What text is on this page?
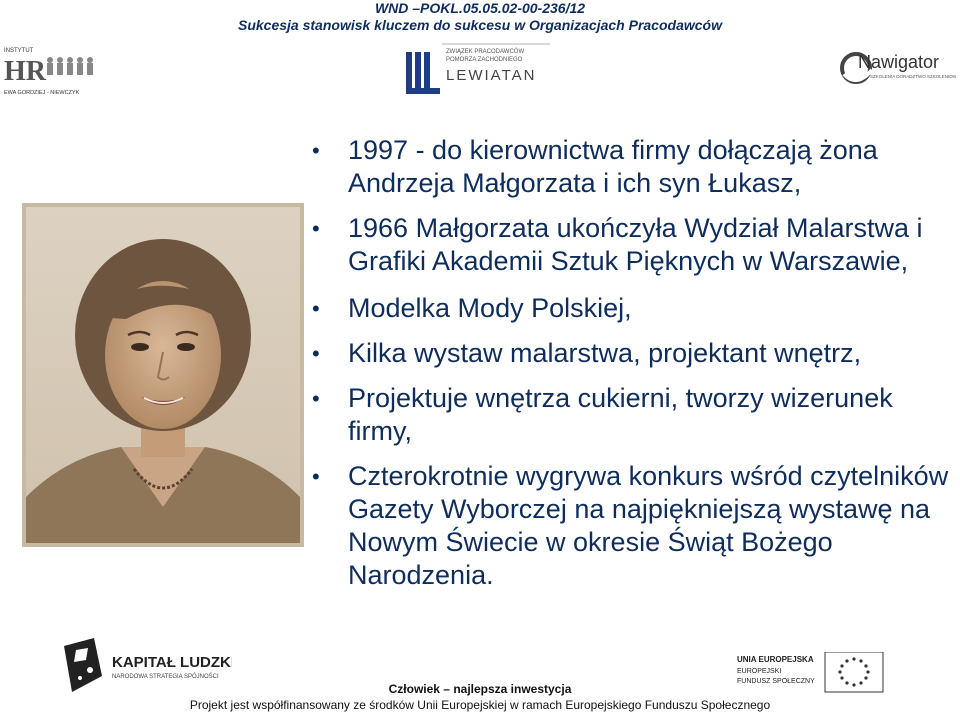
WND –POKL.05.05.02-00-236/12
Sukcesja stanowisk kluczem do sukcesu w Organizacjach Pracodawców
INSTYTUT
HR
EWA GORDZIEJ - NIEWCZYK
ZWIĄZEK PRACODAWCÓW
POMORZA ZACHODNIEGO
LEWIATAN
Nawigator
SZKOLENIA DORADZTWO SZKOLENIOWE
• 1997 - do kierownictwa firmy dołączają żona Andrzeja Małgorzata i ich syn Łukasz,
• 1966 Małgorzata ukończyła Wydział Malarstwa i Grafiki Akademii Sztuk Pięknych w Warszawie,
• Modelka Mody Polskiej,
• Kilka wystaw malarstwa, projektant wnętrz,
• Projektuje wnętrza cukierni, tworzy wizerunek firmy,
• Czterokrotnie wygrywa konkurs wśród czytelników Gazety Wyborczej na najpiękniejszą wystawę na Nowym Świecie w okresie Świąt Bożego Narodzenia.
KAPITAŁ LUDZKI
NARODOWA STRATEGIA SPÓJNOŚCI
UNIA EUROPEJSKA
EUROPEJSKI
FUNDUSZ SPOŁECZNY
Człowiek – najlepsza inwestycja
Projekt jest współfinansowany ze środków Unii Europejskiej w ramach Europejskiego Funduszu Społecznego
